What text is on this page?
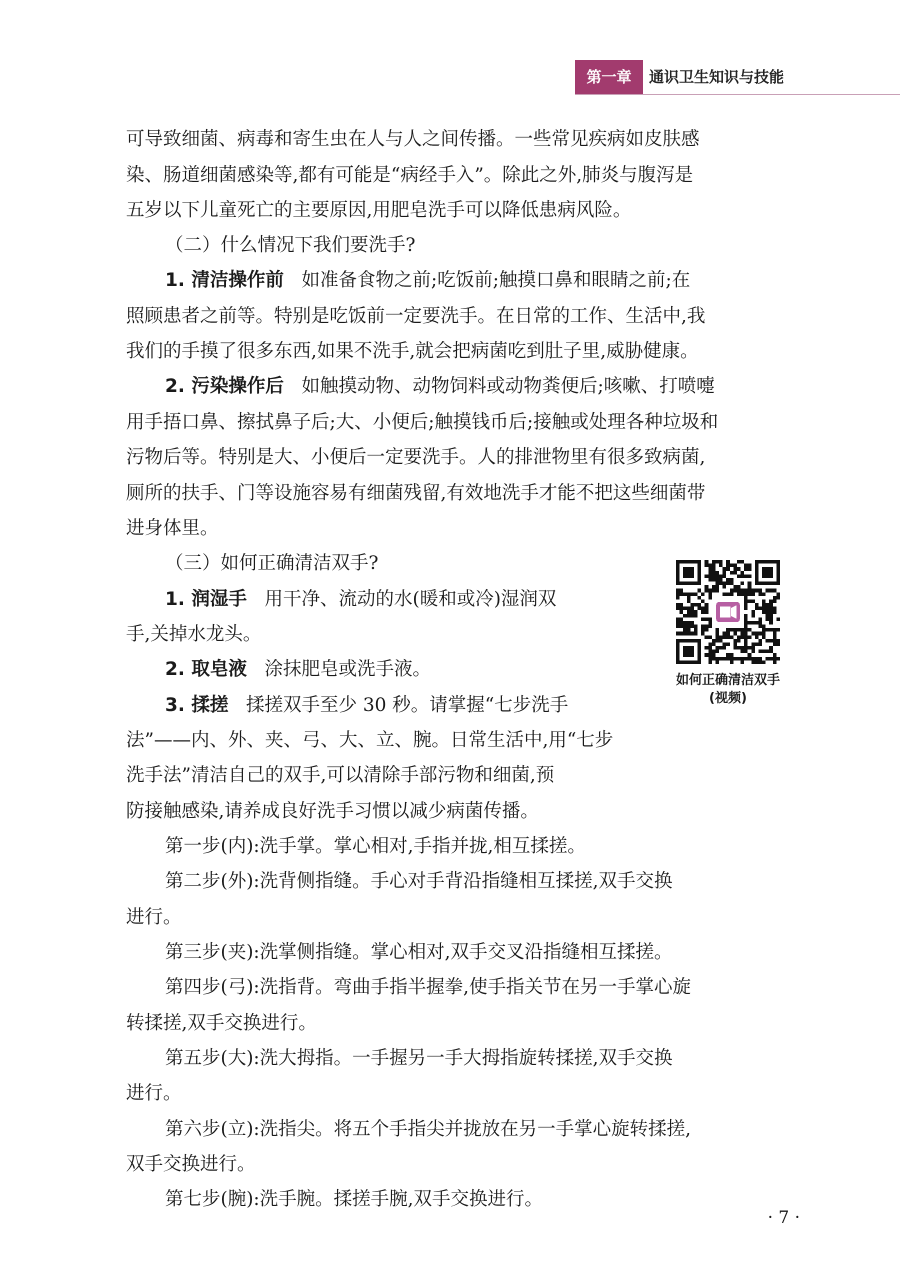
第一章	通识卫生知识与技能

可导致细菌、病毒和寄生虫在人与人之间传播。一些常见疾病如皮肤感

染、肠道细菌感染等,都有可能是“病经手入”。除此之外,肺炎与腹泻是

五岁以下儿童死亡的主要原因,用肥皂洗手可以降低患病风险。

（二）什么情况下我们要洗手?

1. 清洁操作前 如准备食物之前;吃饭前;触摸口鼻和眼睛之前;在

照顾患者之前等。特别是吃饭前一定要洗手。在日常的工作、生活中,我

我们的手摸了很多东西,如果不洗手,就会把病菌吃到肚子里,威胁健康。

2. 污染操作后 如触摸动物、动物饲料或动物粪便后;咳嗽、打喷嚏

用手捂口鼻、擦拭鼻子后;大、小便后;触摸钱币后;接触或处理各种垃圾和

污物后等。特别是大、小便后一定要洗手。人的排泄物里有很多致病菌,

厕所的扶手、门等设施容易有细菌残留,有效地洗手才能不把这些细菌带

进身体里。

（三）如何正确清洁双手?

1. 润湿手 用干净、流动的水(暖和或冷)湿润双

手,关掉水龙头。

2. 取皂液 涂抹肥皂或洗手液。

3. 揉搓 揉搓双手至少 30 秒。请掌握“七步洗手

法”——内、外、夹、弓、大、立、腕。日常生活中,用“七步

洗手法”清洁自己的双手,可以清除手部污物和细菌,预

防接触感染,请养成良好洗手习惯以减少病菌传播。

如何正确清洁双手
(视频)

第一步(内):洗手掌。掌心相对,手指并拢,相互揉搓。

第二步(外):洗背侧指缝。手心对手背沿指缝相互揉搓,双手交换

进行。

第三步(夹):洗掌侧指缝。掌心相对,双手交叉沿指缝相互揉搓。

第四步(弓):洗指背。弯曲手指半握拳,使手指关节在另一手掌心旋

转揉搓,双手交换进行。

第五步(大):洗大拇指。一手握另一手大拇指旋转揉搓,双手交换

进行。

第六步(立):洗指尖。将五个手指尖并拢放在另一手掌心旋转揉搓,

双手交换进行。

第七步(腕):洗手腕。揉搓手腕,双手交换进行。

· 7 ·
